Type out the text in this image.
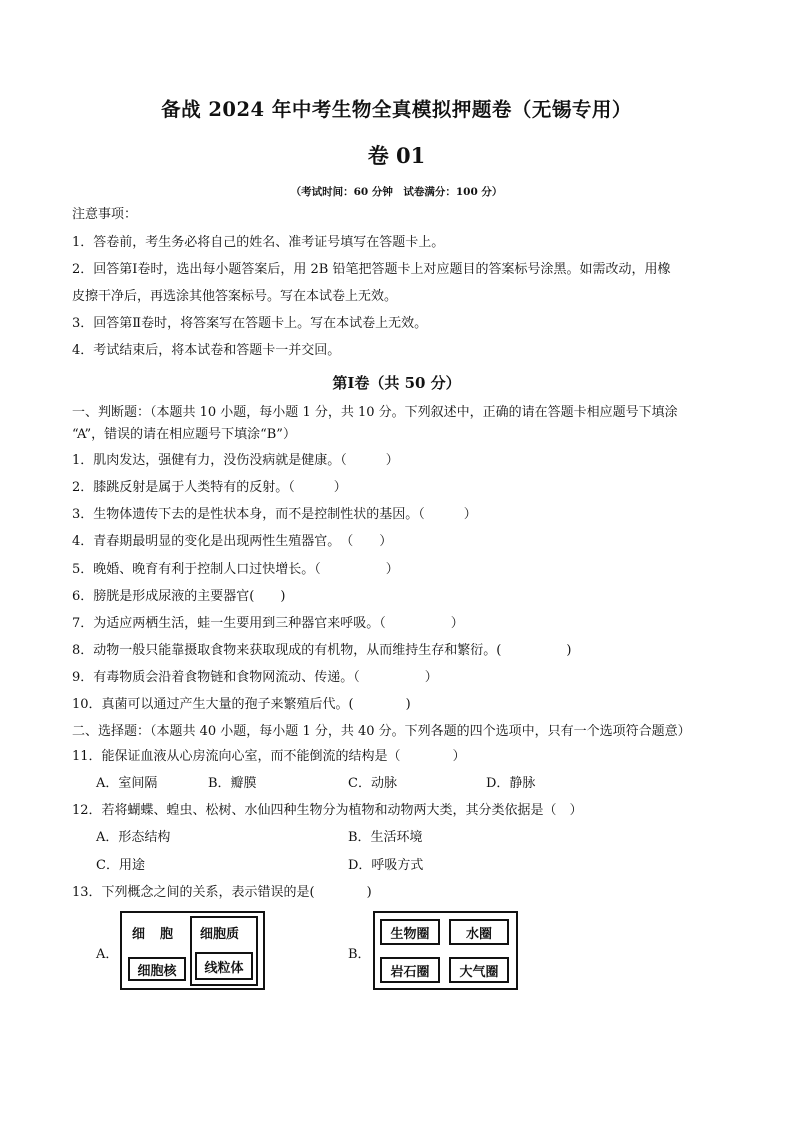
备战 2024 年中考生物全真模拟押题卷（无锡专用）
卷 01
（考试时间：60 分钟　试卷满分：100 分）
注意事项：
1．答卷前，考生务必将自己的姓名、准考证号填写在答题卡上。
2．回答第Ⅰ卷时，选出每小题答案后，用 2B 铅笔把答题卡上对应题目的答案标号涂黑。如需改动，用橡
皮擦干净后，再选涂其他答案标号。写在本试卷上无效。
3．回答第Ⅱ卷时，将答案写在答题卡上。写在本试卷上无效。
4．考试结束后，将本试卷和答题卡一并交回。
第Ⅰ卷（共 50 分）
一、判断题：（本题共 10 小题，每小题 1 分，共 10 分。下列叙述中，正确的请在答题卡相应题号下填涂
“A”，错误的请在相应题号下填涂“B”）
1．肌肉发达，强健有力，没伤没病就是健康。（　　　）
2．膝跳反射是属于人类特有的反射。（　　　）
3．生物体遗传下去的是性状本身，而不是控制性状的基因。（　　　）
4．青春期最明显的变化是出现两性生殖器官。　（　　）
5．晚婚、晚育有利于控制人口过快增长。（　　　　　）
6．膀胱是形成尿液的主要器官(　　)
7．为适应两栖生活，蛙一生要用到三种器官来呼吸。（　　　　　）
8．动物一般只能靠摄取食物来获取现成的有机物，从而维持生存和繁衍。(　　　　　)
9．有毒物质会沿着食物链和食物网流动、传递。（　　　　　）
10．真菌可以通过产生大量的孢子来繁殖后代。(　　　　)
二、选择题：（本题共 40 小题，每小题 1 分，共 40 分。下列各题的四个选项中，只有一个选项符合题意）
11．能保证血液从心房流向心室，而不能倒流的结构是（　　　　）
A．室间隔	B．瓣膜	C．动脉	D．静脉
12．若将蝴蝶、蝗虫、松树、水仙四种生物分为植物和动物两大类，其分类依据是（　）
A．形态结构	B．生活环境
C．用途	D．呼吸方式
13．下列概念之间的关系，表示错误的是(　　　　)
A．
细　胞
细胞核
细胞质
线粒体
B．
生物圈	水圈
岩石圈	大气圈
